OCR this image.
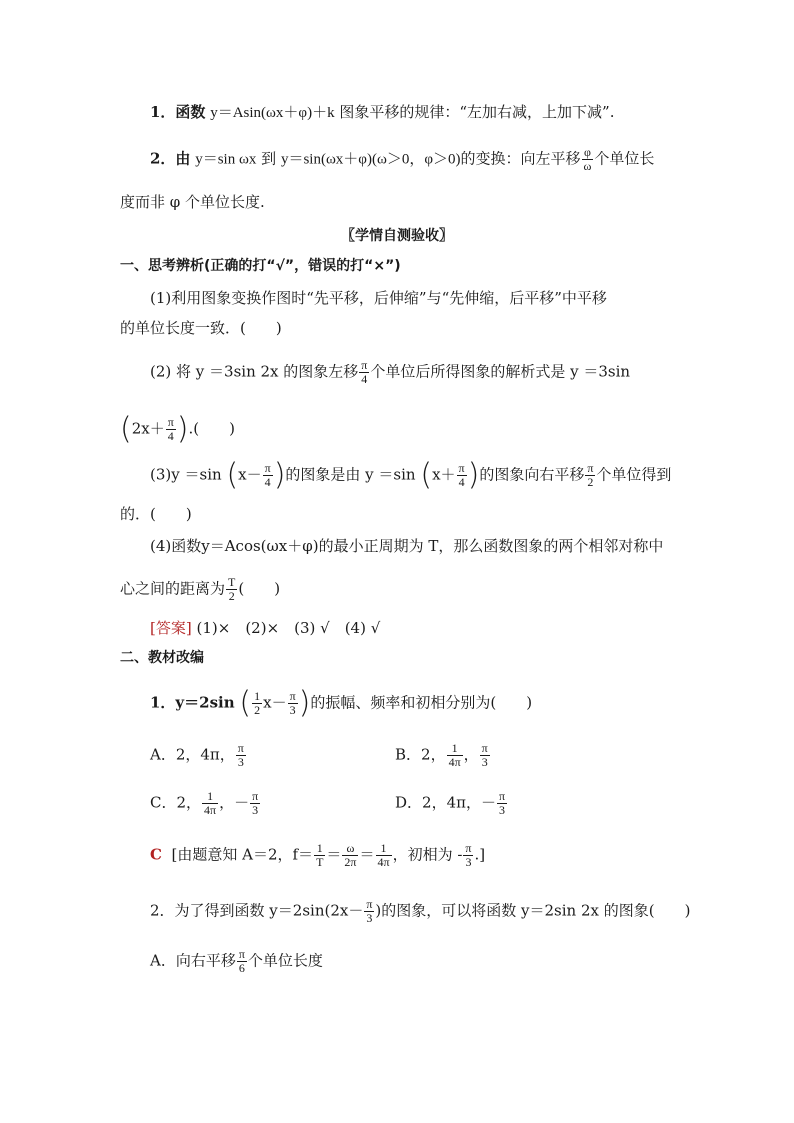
1．函数 y＝Asin(ωx＋φ)＋k 图象平移的规律：“左加右减，上加下减”.
2．由 y＝sin ωx 到 y＝sin(ωx＋φ)(ω＞0，φ＞0)的变换：向左平移 $\frac{\varphi}{\omega}$ 个单位长
度而非 φ 个单位长度.
〖学情自测验收〗
一、思考辨析(正确的打“√”，错误的打“×”)
(1)利用图象变换作图时“先平移，后伸缩”与“先伸缩，后平移”中平移
的单位长度一致．(　　)
(2) 将 y ＝3sin 2x 的图象左移 $\frac{\pi}{4}$ 个单位后所得图象的解析式是 y ＝3sin
($2x+ \frac{\pi}{4}$ ).(　　)
(3)y ＝sin ($x- \frac{\pi}{4}$ )的图象是由 y ＝sin ($x+ \frac{\pi}{4}$ )的图象向右平移 $\frac{\pi}{2}$ 个单位得到
的．(　　)
(4)函数y＝Acos(ωx＋φ)的最小正周期为 T，那么函数图象的两个相邻对称中
心之间的距离为 $\frac{T}{2}$ (　　)
[答案] (1)×　(2)×　(3) √　(4) √
二、教材改编
1．y＝2sin ( $\frac{1}{2} x- \frac{\pi}{3}$ )的振幅、频率和初相分别为(　　)
A．2，4π， $\frac{\pi}{3}$	B．2， $\frac{1}{4\pi}$ ， $\frac{\pi}{3}$
C．2， $\frac{1}{4\pi}$ ，－ $\frac{\pi}{3}$	D．2，4π，－ $\frac{\pi}{3}$
C [由题意知 A＝2，$f= \frac{1}{T} = \frac{\omega}{2\pi} = \frac{1}{4\pi}$ ，初相为 - $\frac{\pi}{3}$ .]
2．为了得到函数 $y=2\sin(2x- \frac{\pi}{3}$ )的图象，可以将函数 y＝2sin 2x 的图象(　　)
A．向右平移 $\frac{\pi}{6}$ 个单位长度
